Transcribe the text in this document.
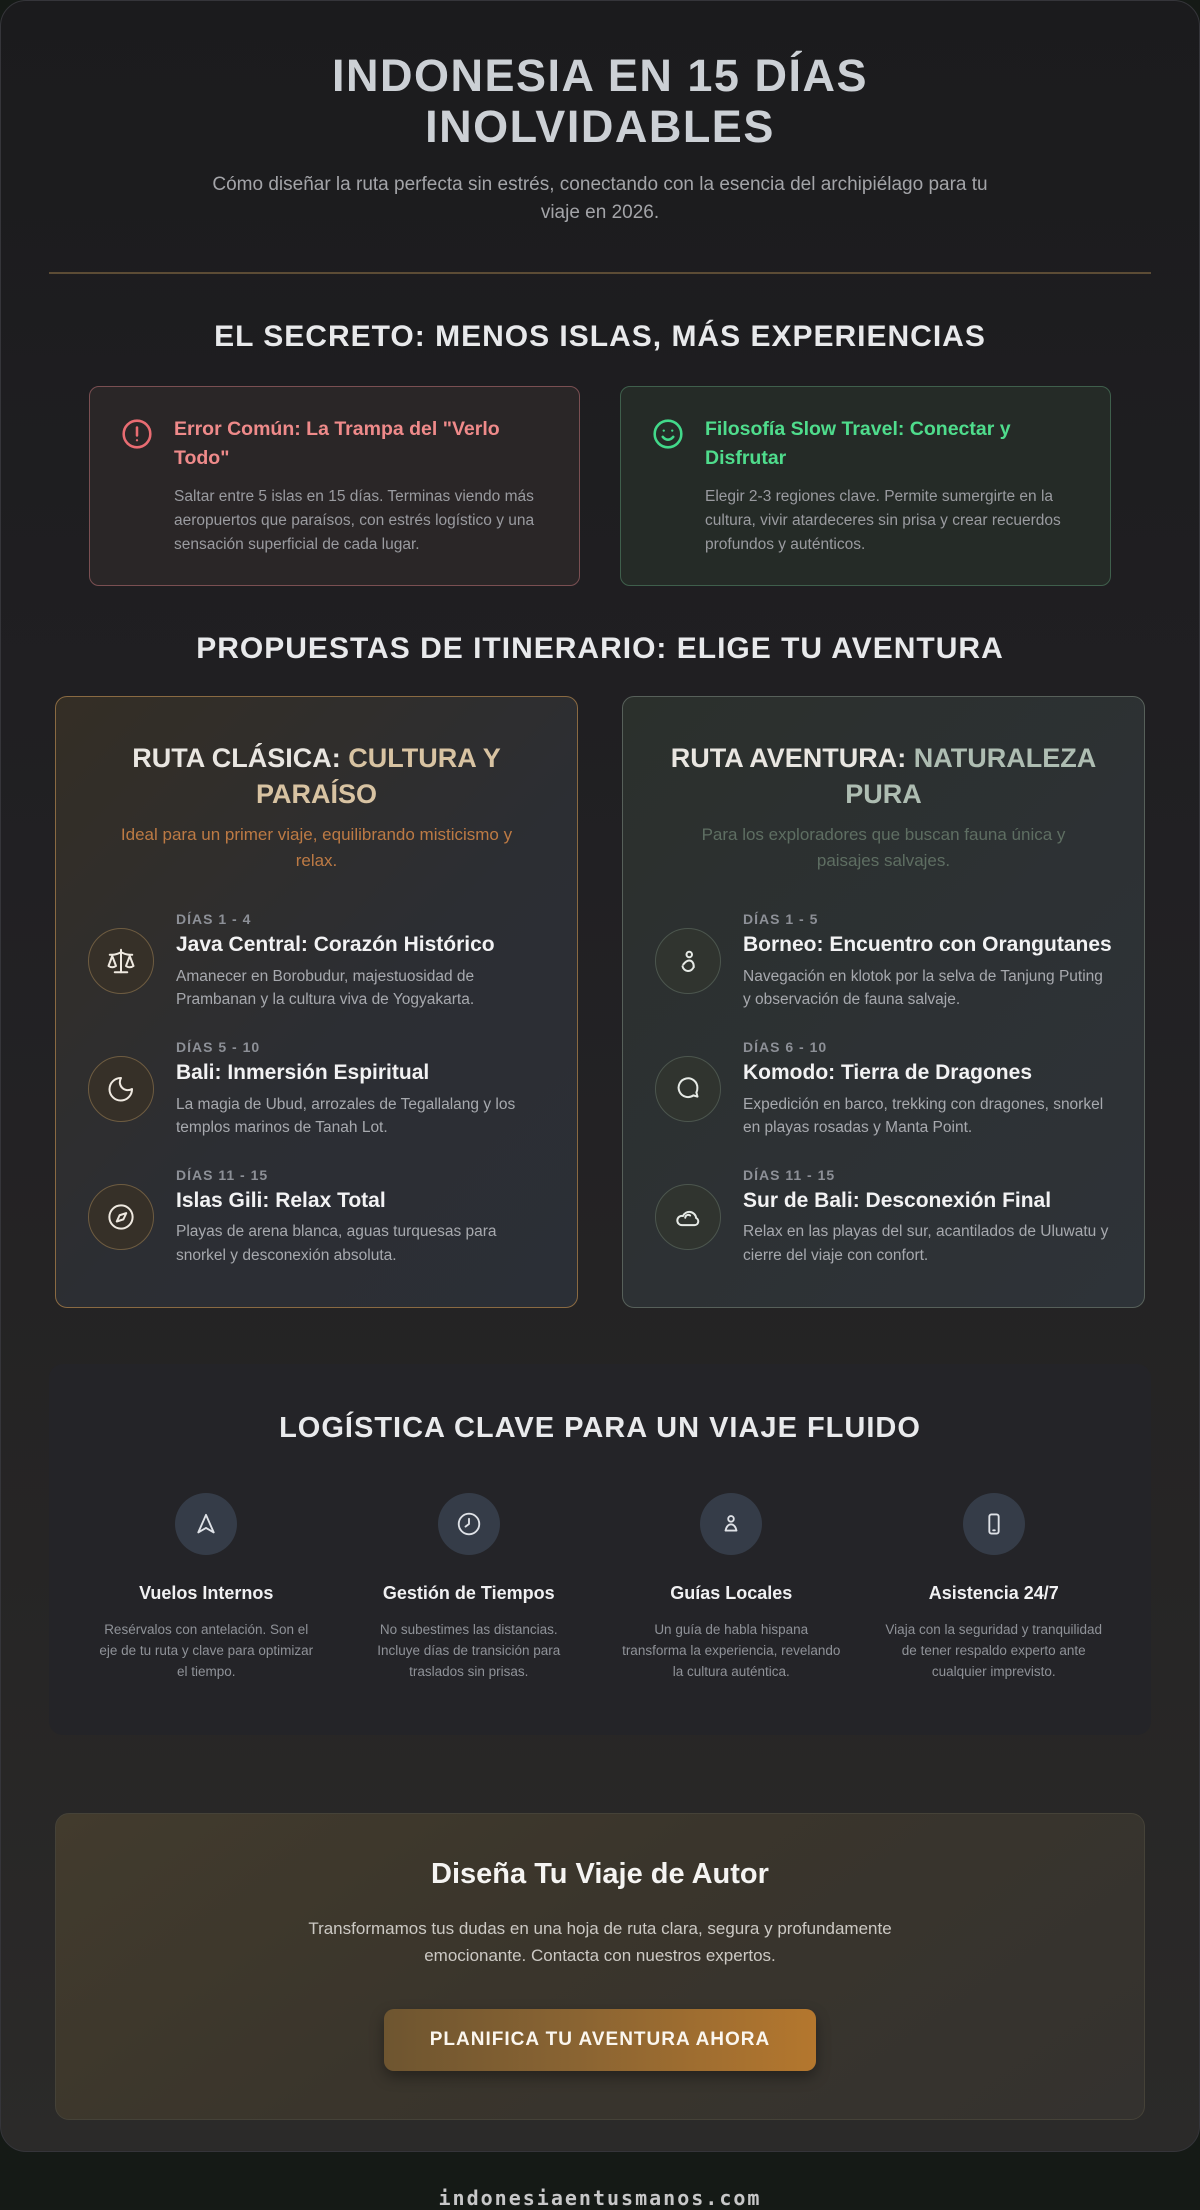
INDONESIA EN 15 DÍAS
INOLVIDABLES
Cómo diseñar la ruta perfecta sin estrés, conectando con la esencia del archipiélago para tu viaje en 2026.
EL SECRETO: MENOS ISLAS, MÁS EXPERIENCIAS
Error Común: La Trampa del "Verlo Todo"
Saltar entre 5 islas en 15 días. Terminas viendo más aeropuertos que paraísos, con estrés logístico y una sensación superficial de cada lugar.
Filosofía Slow Travel: Conectar y Disfrutar
Elegir 2-3 regiones clave. Permite sumergirte en la cultura, vivir atardeceres sin prisa y crear recuerdos profundos y auténticos.
PROPUESTAS DE ITINERARIO: ELIGE TU AVENTURA
RUTA CLÁSICA: CULTURA Y PARAÍSO
Ideal para un primer viaje, equilibrando misticismo y relax.
DÍAS 1 - 4
Java Central: Corazón Histórico
Amanecer en Borobudur, majestuosidad de Prambanan y la cultura viva de Yogyakarta.
DÍAS 5 - 10
Bali: Inmersión Espiritual
La magia de Ubud, arrozales de Tegallalang y los templos marinos de Tanah Lot.
DÍAS 11 - 15
Islas Gili: Relax Total
Playas de arena blanca, aguas turquesas para snorkel y desconexión absoluta.
RUTA AVENTURA: NATURALEZA PURA
Para los exploradores que buscan fauna única y paisajes salvajes.
DÍAS 1 - 5
Borneo: Encuentro con Orangutanes
Navegación en klotok por la selva de Tanjung Puting y observación de fauna salvaje.
DÍAS 6 - 10
Komodo: Tierra de Dragones
Expedición en barco, trekking con dragones, snorkel en playas rosadas y Manta Point.
DÍAS 11 - 15
Sur de Bali: Desconexión Final
Relax en las playas del sur, acantilados de Uluwatu y cierre del viaje con confort.
LOGÍSTICA CLAVE PARA UN VIAJE FLUIDO
Vuelos Internos
Resérvalos con antelación. Son el eje de tu ruta y clave para optimizar el tiempo.
Gestión de Tiempos
No subestimes las distancias. Incluye días de transición para traslados sin prisas.
Guías Locales
Un guía de habla hispana transforma la experiencia, revelando la cultura auténtica.
Asistencia 24/7
Viaja con la seguridad y tranquilidad de tener respaldo experto ante cualquier imprevisto.
Diseña Tu Viaje de Autor
Transformamos tus dudas en una hoja de ruta clara, segura y profundamente emocionante. Contacta con nuestros expertos.
PLANIFICA TU AVENTURA AHORA
indonesiaentusmanos.com
